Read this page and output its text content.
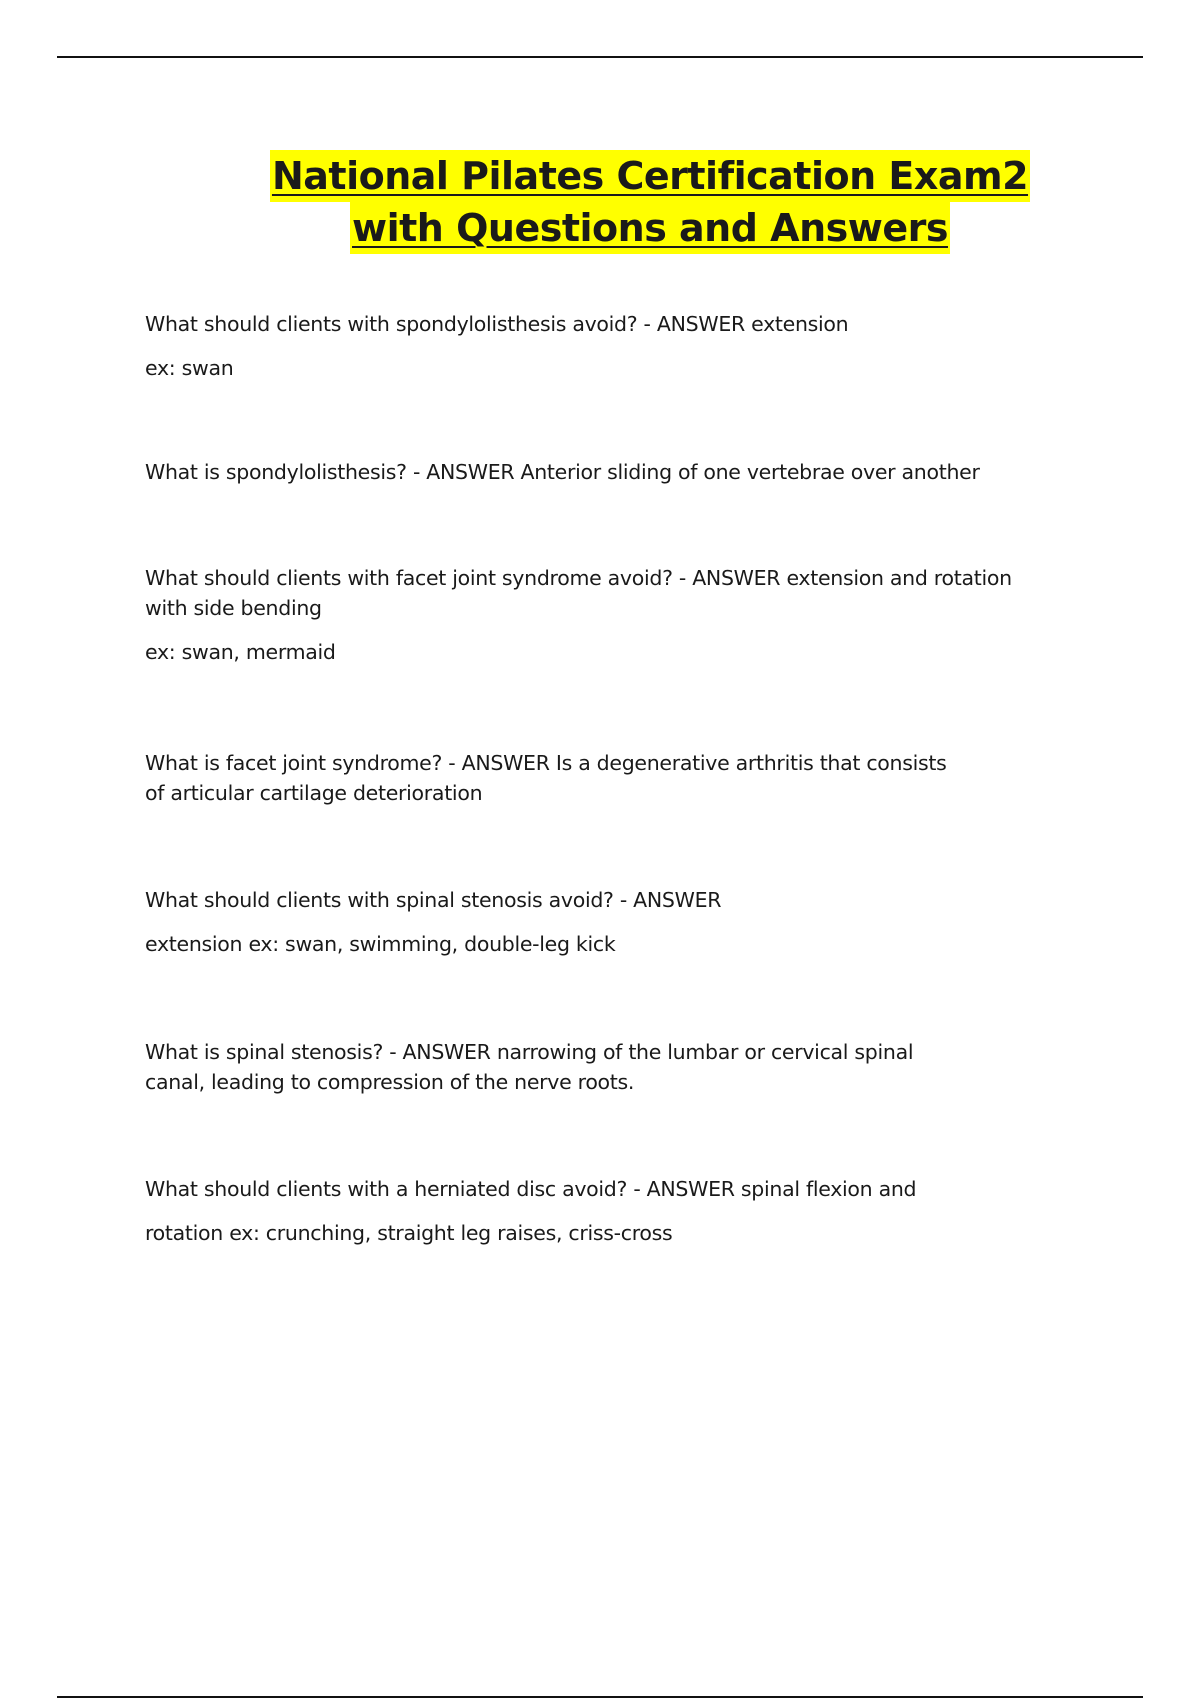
National Pilates Certification Exam2
with Questions and Answers

What should clients with spondylolisthesis avoid? - ANSWER extension

ex: swan

What is spondylolisthesis? - ANSWER Anterior sliding of one vertebrae over another

What should clients with facet joint syndrome avoid? - ANSWER extension and rotation
with side bending

ex: swan, mermaid

What is facet joint syndrome? - ANSWER Is a degenerative arthritis that consists
of articular cartilage deterioration

What should clients with spinal stenosis avoid? - ANSWER

extension ex: swan, swimming, double-leg kick

What is spinal stenosis? - ANSWER narrowing of the lumbar or cervical spinal
canal, leading to compression of the nerve roots.

What should clients with a herniated disc avoid? - ANSWER spinal flexion and

rotation ex: crunching, straight leg raises, criss-cross
